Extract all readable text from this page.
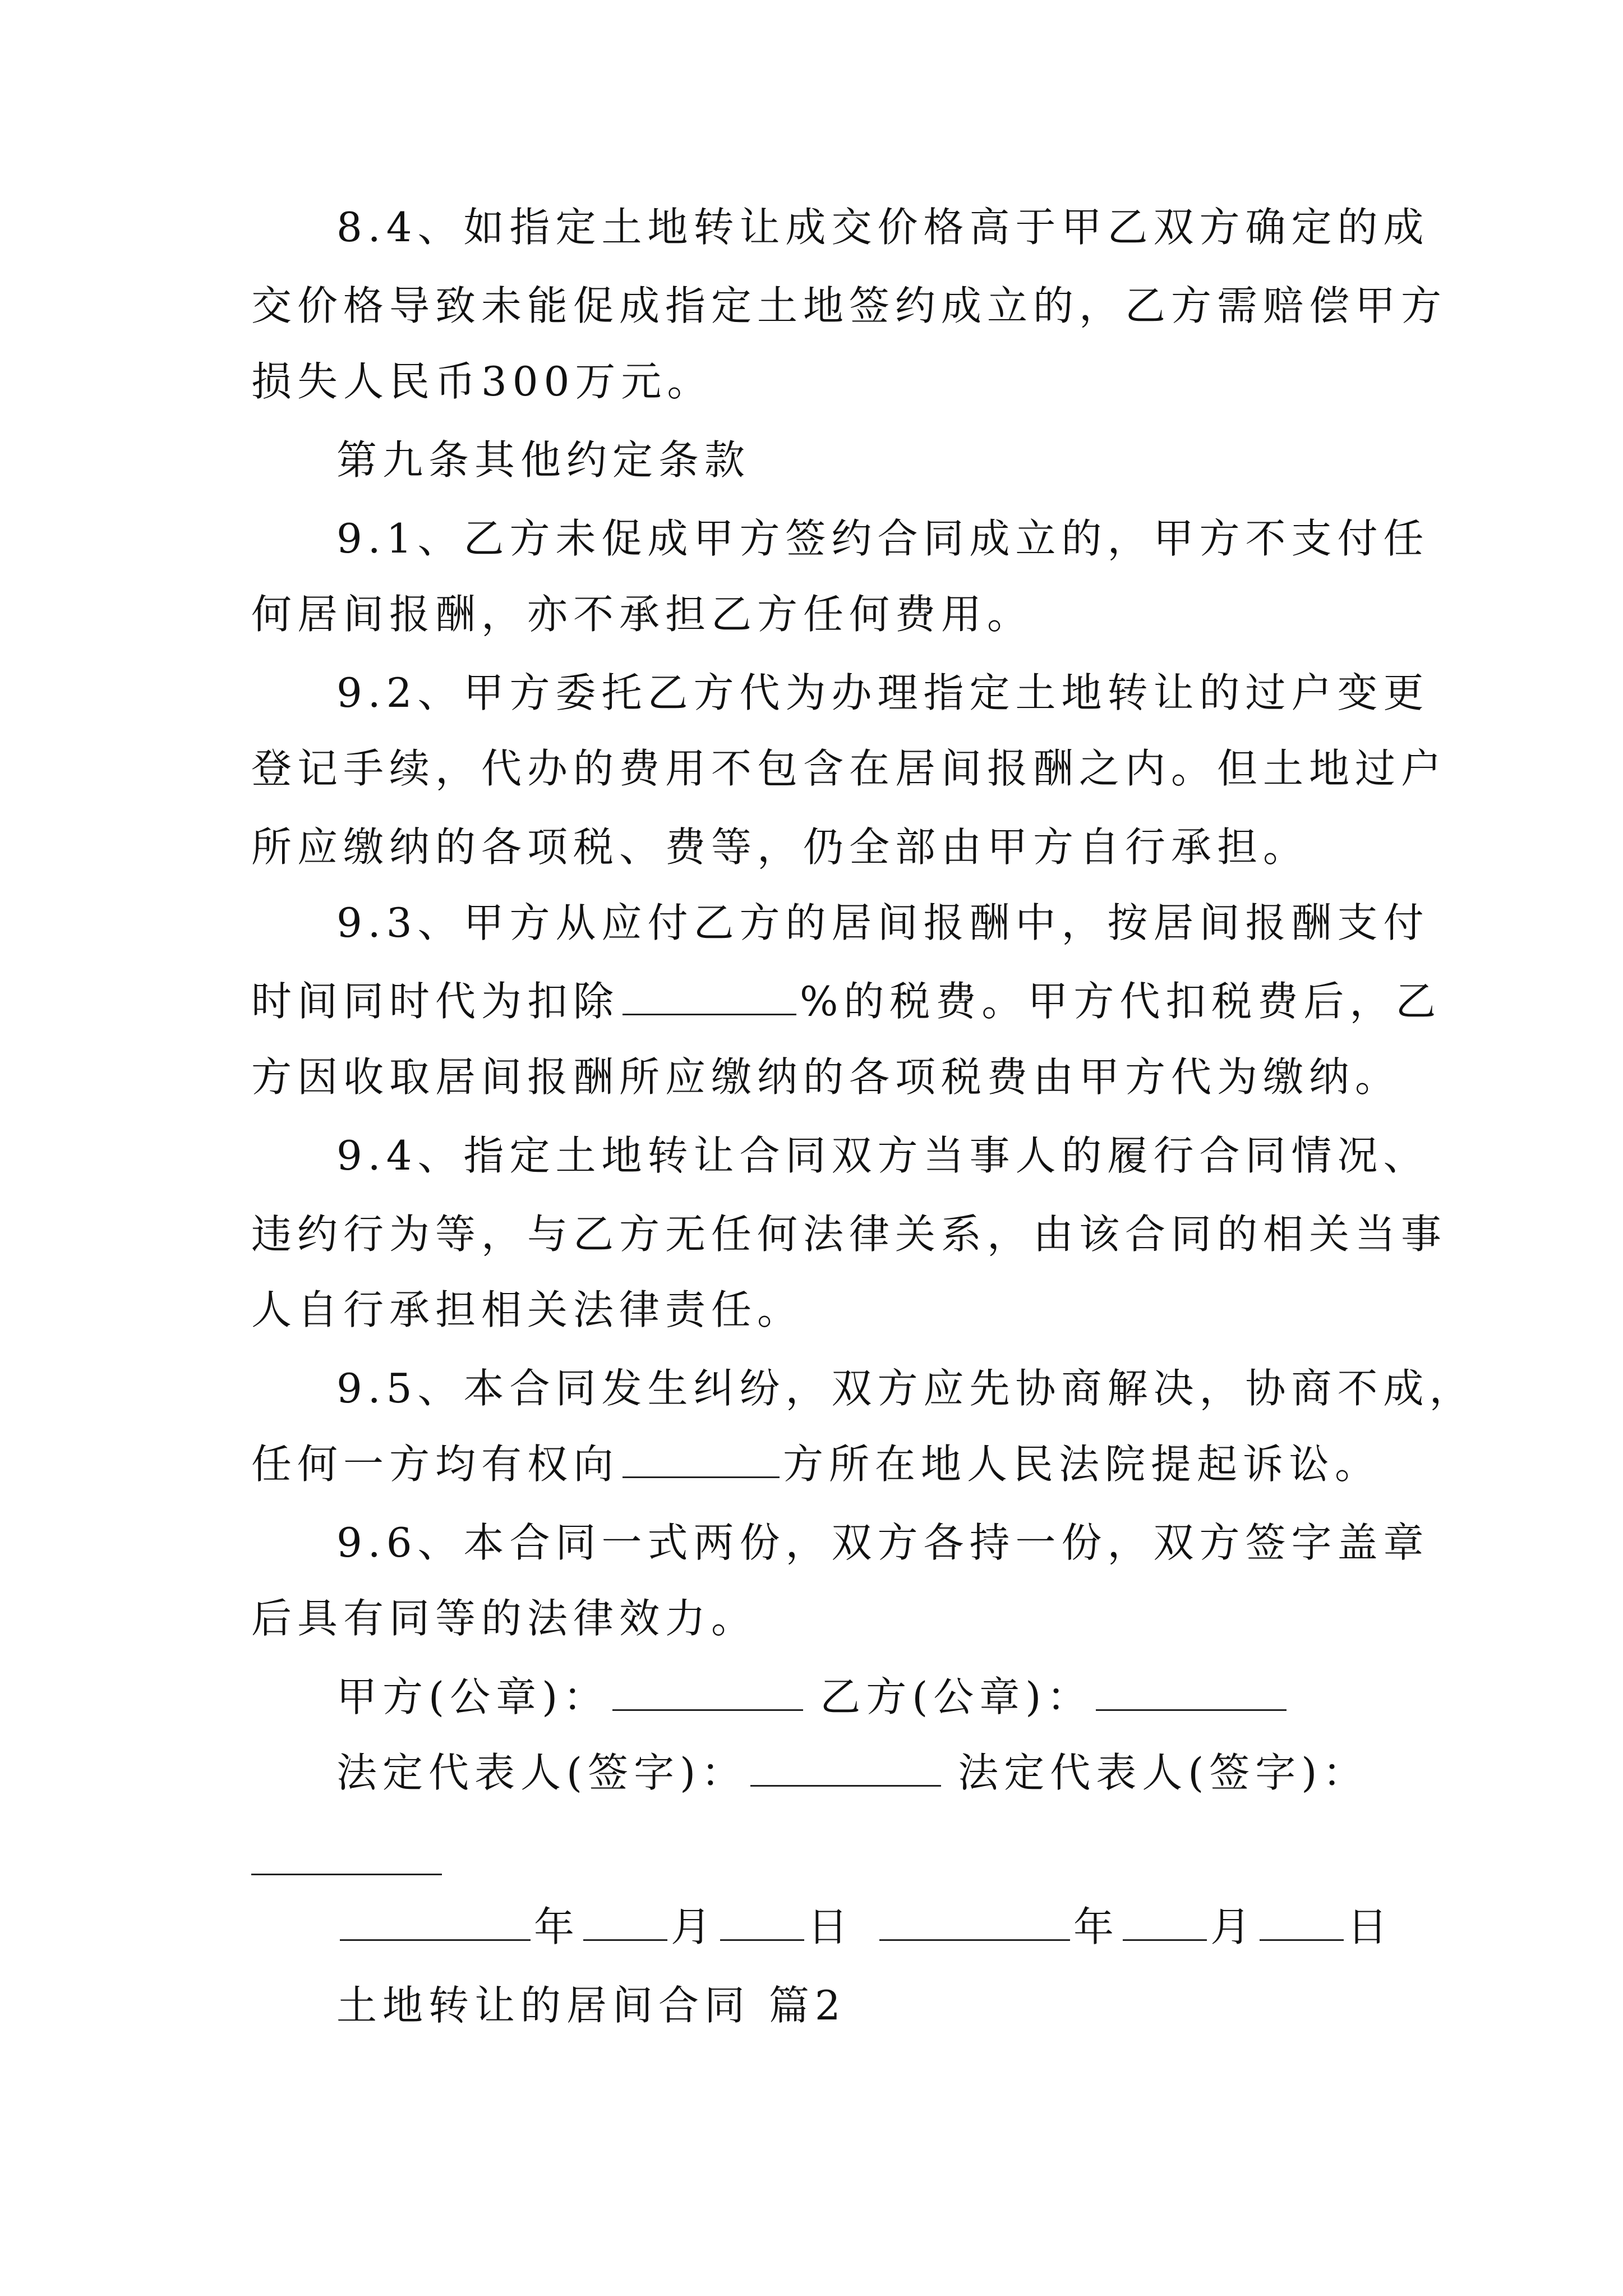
8.4、如指定土地转让成交价格高于甲乙双方确定的成
交价格导致未能促成指定土地签约成立的，乙方需赔偿甲方
损失人民币300万元。
第九条其他约定条款
9.1、乙方未促成甲方签约合同成立的，甲方不支付任
何居间报酬，亦不承担乙方任何费用。
9.2、甲方委托乙方代为办理指定土地转让的过户变更
登记手续，代办的费用不包含在居间报酬之内。但土地过户
所应缴纳的各项税、费等，仍全部由甲方自行承担。
9.3、甲方从应付乙方的居间报酬中，按居间报酬支付
时间同时代为扣除	%的税费。甲方代扣税费后，乙
方因收取居间报酬所应缴纳的各项税费由甲方代为缴纳。
9.4、指定土地转让合同双方当事人的履行合同情况、
违约行为等，与乙方无任何法律关系，由该合同的相关当事
人自行承担相关法律责任。
9.5、本合同发生纠纷，双方应先协商解决，协商不成，
任何一方均有权向	方所在地人民法院提起诉讼。
9.6、本合同一式两份，双方各持一份，双方签字盖章
后具有同等的法律效力。
甲方(公章)：	乙方(公章)：
法定代表人(签字)：	法定代表人(签字)：
年 月 日	年 月 日
土地转让的居间合同 篇2
